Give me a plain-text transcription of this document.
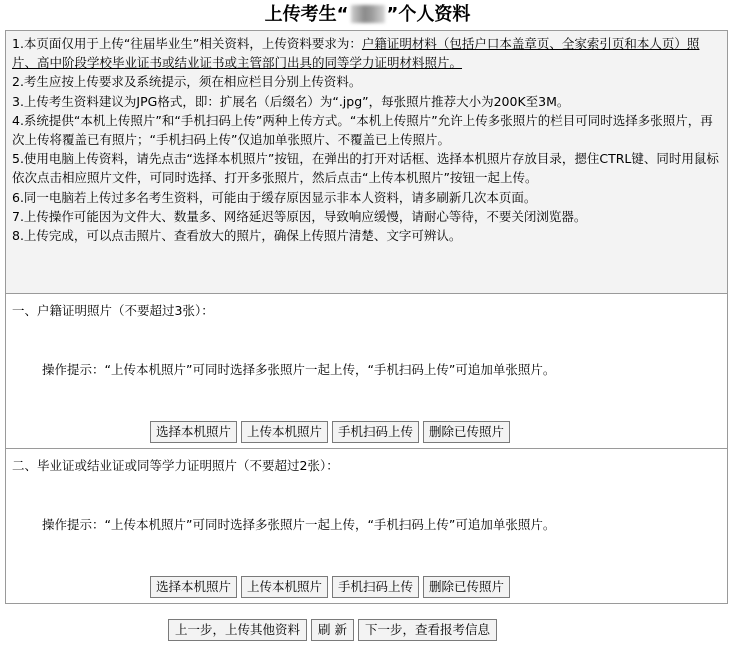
上传考生“ ”个人资料

1.本页面仅用于上传“往届毕业生”相关资料，上传资料要求为：户籍证明材料（包括户口本盖章页、全家索引页和本人页）照片、高中阶段学校毕业证书或结业证书或主管部门出具的同等学力证明材料照片。

2.考生应按上传要求及系统提示，须在相应栏目分别上传资料。

3.上传考生资料建议为JPG格式，即：扩展名（后缀名）为“.jpg”，每张照片推荐大小为200K至3M。

4.系统提供“本机上传照片”和“手机扫码上传”两种上传方式。“本机上传照片”允许上传多张照片的栏目可同时选择多张照片，再次上传将覆盖已有照片；“手机扫码上传”仅追加单张照片、不覆盖已上传照片。

5.使用电脑上传资料，请先点击“选择本机照片”按钮，在弹出的打开对话框、选择本机照片存放目录，摁住CTRL键、同时用鼠标依次点击相应照片文件，可同时选择、打开多张照片，然后点击“上传本机照片”按钮一起上传。

6.同一电脑若上传过多名考生资料，可能由于缓存原因显示非本人资料，请多刷新几次本页面。

7.上传操作可能因为文件大、数量多、网络延迟等原因，导致响应缓慢，请耐心等待，不要关闭浏览器。

8.上传完成，可以点击照片、查看放大的照片，确保上传照片清楚、文字可辨认。

一、户籍证明照片（不要超过3张）：
操作提示：“上传本机照片”可同时选择多张照片一起上传，“手机扫码上传”可追加单张照片。
选择本机照片 上传本机照片 手机扫码上传 删除已传照片
二、毕业证或结业证或同等学力证明照片（不要超过2张）：
操作提示：“上传本机照片”可同时选择多张照片一起上传，“手机扫码上传”可追加单张照片。
选择本机照片 上传本机照片 手机扫码上传 删除已传照片
上一步，上传其他资料 刷 新 下一步，查看报考信息
